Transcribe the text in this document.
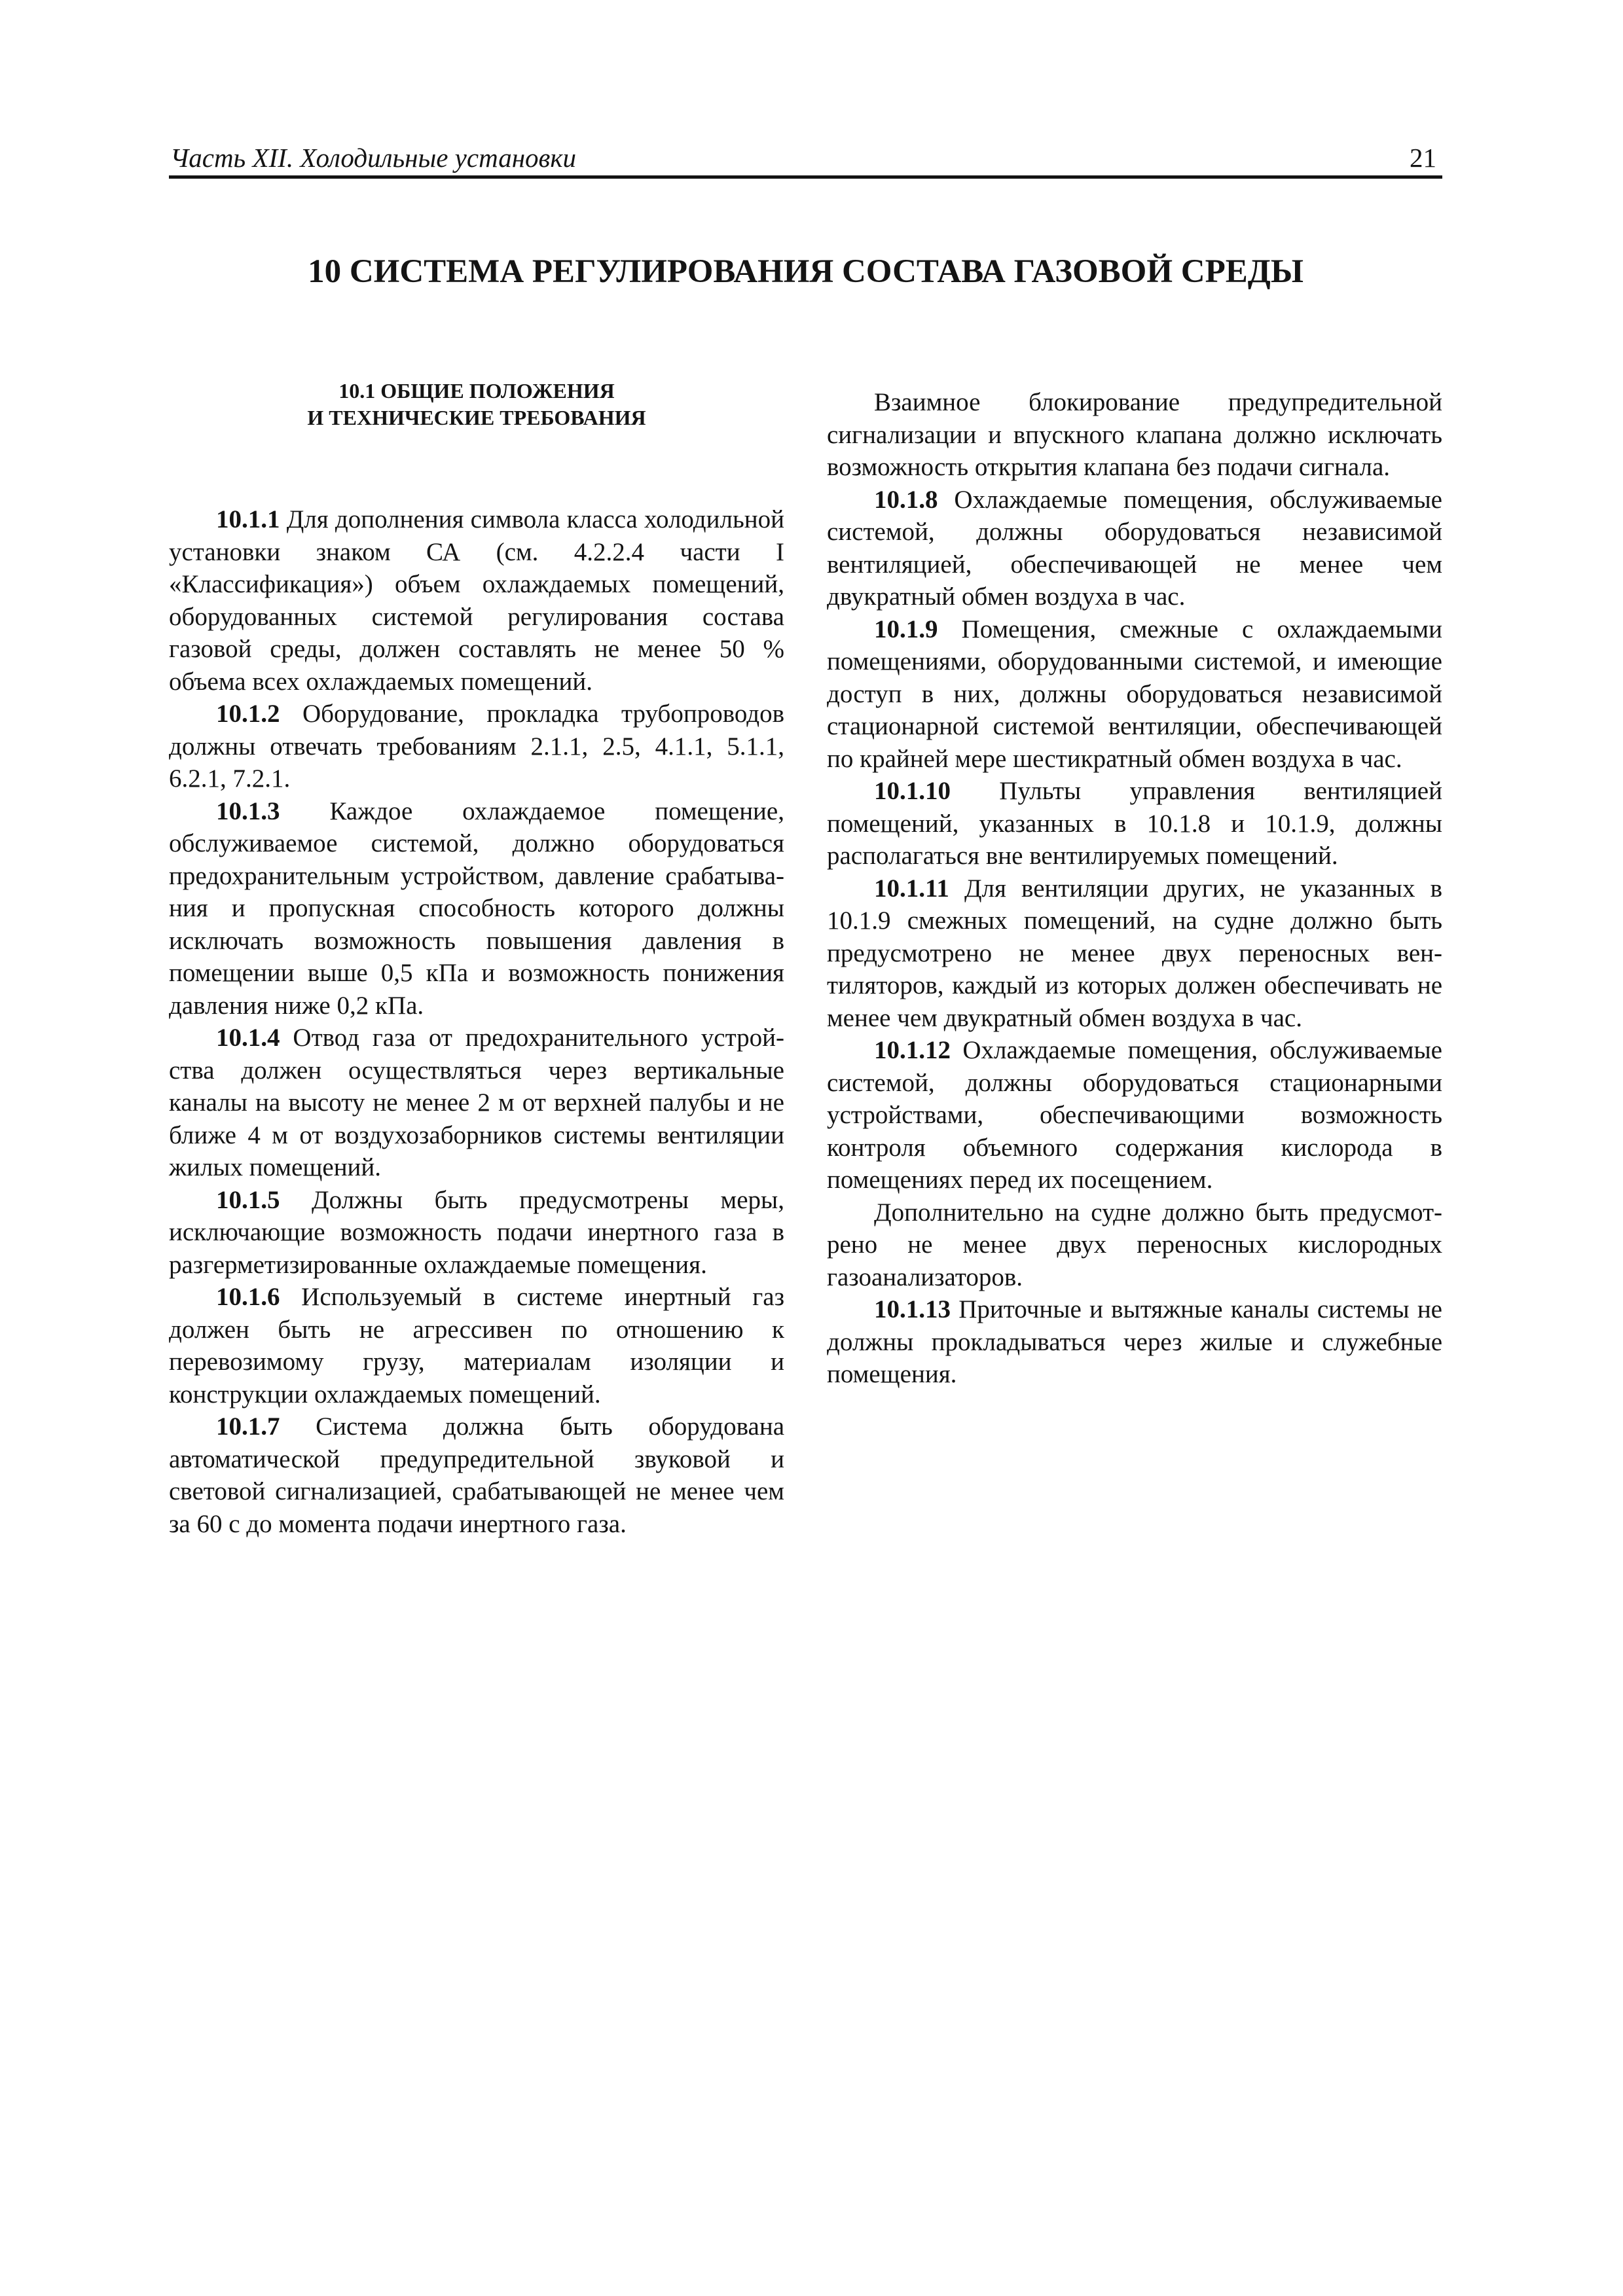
Часть XII. Холодильные установки	21
10 СИСТЕМА РЕГУЛИРОВАНИЯ СОСТАВА ГАЗОВОЙ СРЕДЫ
10.1 ОБЩИЕ ПОЛОЖЕНИЯ
И ТЕХНИЧЕСКИЕ ТРЕБОВАНИЯ

10.1.1 Для дополнения символа класса холодильной установки знаком СА (см. 4.2.2.4 части I «Классификация») объем охлаждаемых помещений, оборудованных системой регулирования состава газовой среды, должен составлять не менее 50 % объема всех охлаждаемых помещений.

10.1.2 Оборудование, прокладка трубопроводов должны отвечать требованиям 2.1.1, 2.5, 4.1.1, 5.1.1, 6.2.1, 7.2.1.

10.1.3 Каждое охлаждаемое помещение, обслуживаемое системой, должно оборудоваться предохранительным устройством, давление срабатыва-ния и пропускная способность которого должны исключать возможность повышения давления в помещении выше 0,5 кПа и возможность понижения давления ниже 0,2 кПа.

10.1.4 Отвод газа от предохранительного устрой-ства должен осуществляться через вертикальные каналы на высоту не менее 2 м от верхней палубы и не ближе 4 м от воздухозаборников системы вентиляции жилых помещений.

10.1.5 Должны быть предусмотрены меры, исключающие возможность подачи инертного газа в разгерметизированные охлаждаемые помещения.

10.1.6 Используемый в системе инертный газ должен быть не агрессивен по отношению к перевозимому грузу, материалам изоляции и конструкции охлаждаемых помещений.

10.1.7 Система должна быть оборудована автоматической предупредительной звуковой и световой сигнализацией, срабатывающей не менее чем за 60 с до момента подачи инертного газа.

Взаимное блокирование предупредительной сигнализации и впускного клапана должно исключать возможность открытия клапана без подачи сигнала.

10.1.8 Охлаждаемые помещения, обслуживаемые системой, должны оборудоваться независимой вентиляцией, обеспечивающей не менее чем двукратный обмен воздуха в час.

10.1.9 Помещения, смежные с охлаждаемыми помещениями, оборудованными системой, и имеющие доступ в них, должны оборудоваться независимой стационарной системой вентиляции, обеспечивающей по крайней мере шестикратный обмен воздуха в час.

10.1.10 Пульты управления вентиляцией помещений, указанных в 10.1.8 и 10.1.9, должны располагаться вне вентилируемых помещений.

10.1.11 Для вентиляции других, не указанных в 10.1.9 смежных помещений, на судне должно быть предусмотрено не менее двух переносных вен-тиляторов, каждый из которых должен обеспечивать не менее чем двукратный обмен воздуха в час.

10.1.12 Охлаждаемые помещения, обслуживаемые системой, должны оборудоваться стационарными устройствами, обеспечивающими возможность контроля объемного содержания кислорода в помещениях перед их посещением.

Дополнительно на судне должно быть предусмот-рено не менее двух переносных кислородных газоанализаторов.

10.1.13 Приточные и вытяжные каналы системы не должны прокладываться через жилые и служебные помещения.
